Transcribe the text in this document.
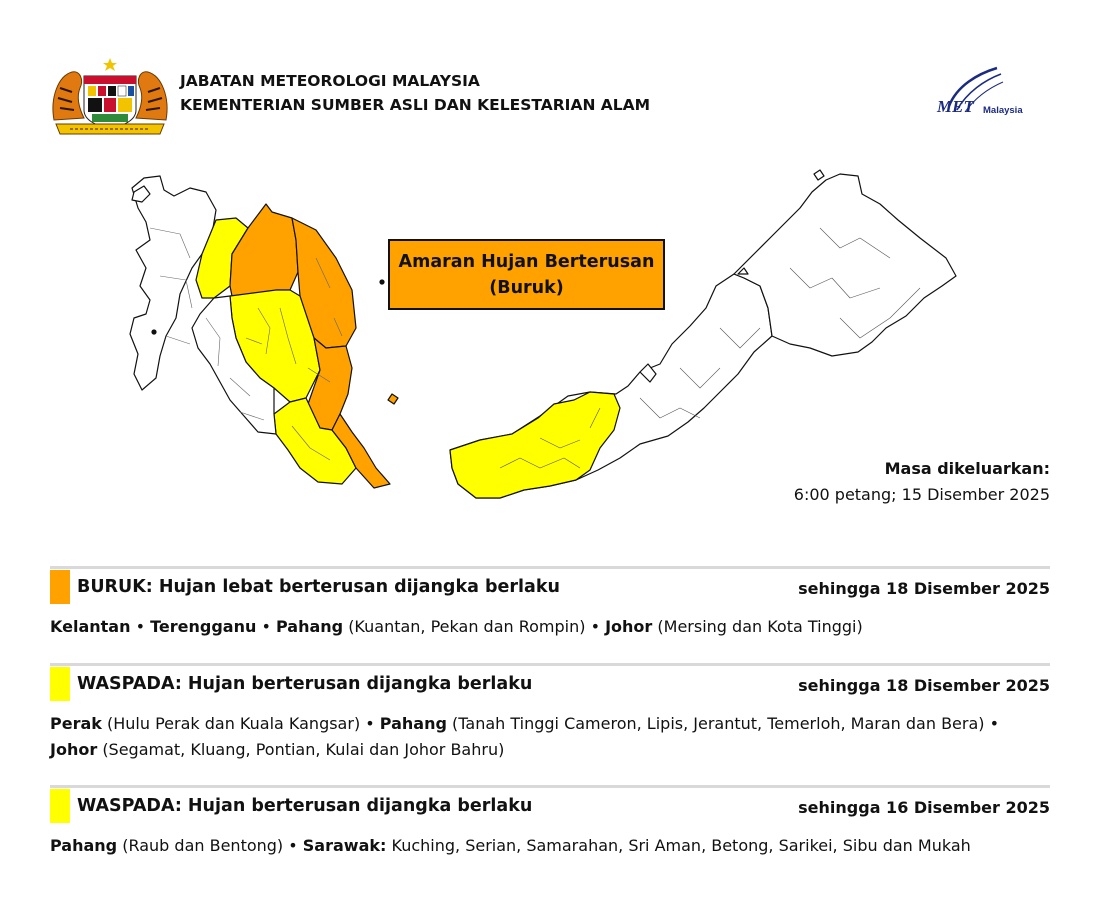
JABATAN METEOROLOGI MALAYSIA
KEMENTERIAN SUMBER ASLI DAN KELESTARIAN ALAM	MET Malaysia
Amaran Hujan Berterusan
(Buruk)
Masa dikeluarkan:
6:00 petang; 15 Disember 2025
BURUK: Hujan lebat berterusan dijangka berlaku	sehingga 18 Disember 2025
Kelantan • Terengganu • Pahang (Kuantan, Pekan dan Rompin) • Johor (Mersing dan Kota Tinggi)
WASPADA: Hujan berterusan dijangka berlaku	sehingga 18 Disember 2025
Perak (Hulu Perak dan Kuala Kangsar) • Pahang (Tanah Tinggi Cameron, Lipis, Jerantut, Temerloh, Maran dan Bera) • Johor (Segamat, Kluang, Pontian, Kulai dan Johor Bahru)
WASPADA: Hujan berterusan dijangka berlaku	sehingga 16 Disember 2025
Pahang (Raub dan Bentong) • Sarawak: Kuching, Serian, Samarahan, Sri Aman, Betong, Sarikei, Sibu dan Mukah
